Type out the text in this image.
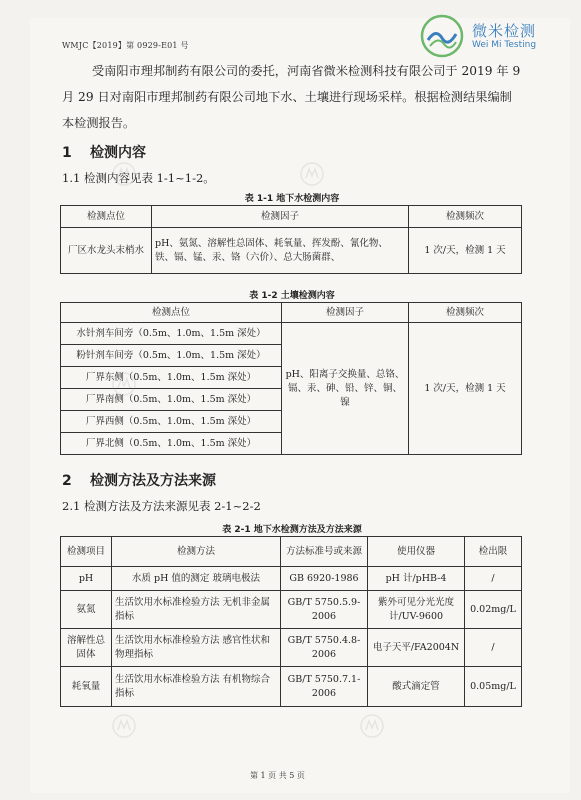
WMJC【2019】第 0929-E01 号
微米检测
Wei Mi Testing
受南阳市理邦制药有限公司的委托，河南省微米检测科技有限公司于 2019 年 9 月 29 日对南阳市理邦制药有限公司地下水、土壤进行现场采样。根据检测结果编制本检测报告。
1 检测内容
1.1 检测内容见表 1-1~1-2。
表 1-1 地下水检测内容
检测点位	检测因子	检测频次
厂区水龙头末梢水	pH、氨氮、溶解性总固体、耗氧量、挥发酚、氰化物、铁、镉、锰、汞、铬（六价）、总大肠菌群、	1 次/天，检测 1 天
表 1-2 土壤检测内容
检测点位	检测因子	检测频次
水针剂车间旁（0.5m、1.0m、1.5m 深处）	pH、阳离子交换量、总铬、镉、汞、砷、铅、锌、铜、镍	1 次/天，检测 1 天
粉针剂车间旁（0.5m、1.0m、1.5m 深处）		
厂界东侧（0.5m、1.0m、1.5m 深处）		
厂界南侧（0.5m、1.0m、1.5m 深处）		
厂界西侧（0.5m、1.0m、1.5m 深处）		
厂界北侧（0.5m、1.0m、1.5m 深处）		
2 检测方法及方法来源
2.1 检测方法及方法来源见表 2-1~2-2
表 2-1 地下水检测方法及方法来源
检测项目	检测方法	方法标准号或来源	使用仪器	检出限
pH	水质 pH 值的测定 玻璃电极法	GB 6920-1986	pH 计/pHB-4	/
氨氮	生活饮用水标准检验方法 无机非金属指标	GB/T 5750.5.9-2006	紫外可见分光光度计/UV-9600	0.02mg/L
溶解性总固体	生活饮用水标准检验方法 感官性状和物理指标	GB/T 5750.4.8-2006	电子天平/FA2004N	/
耗氧量	生活饮用水标准检验方法 有机物综合指标	GB/T 5750.7.1-2006	酸式滴定管	0.05mg/L
第 1 页 共 5 页
